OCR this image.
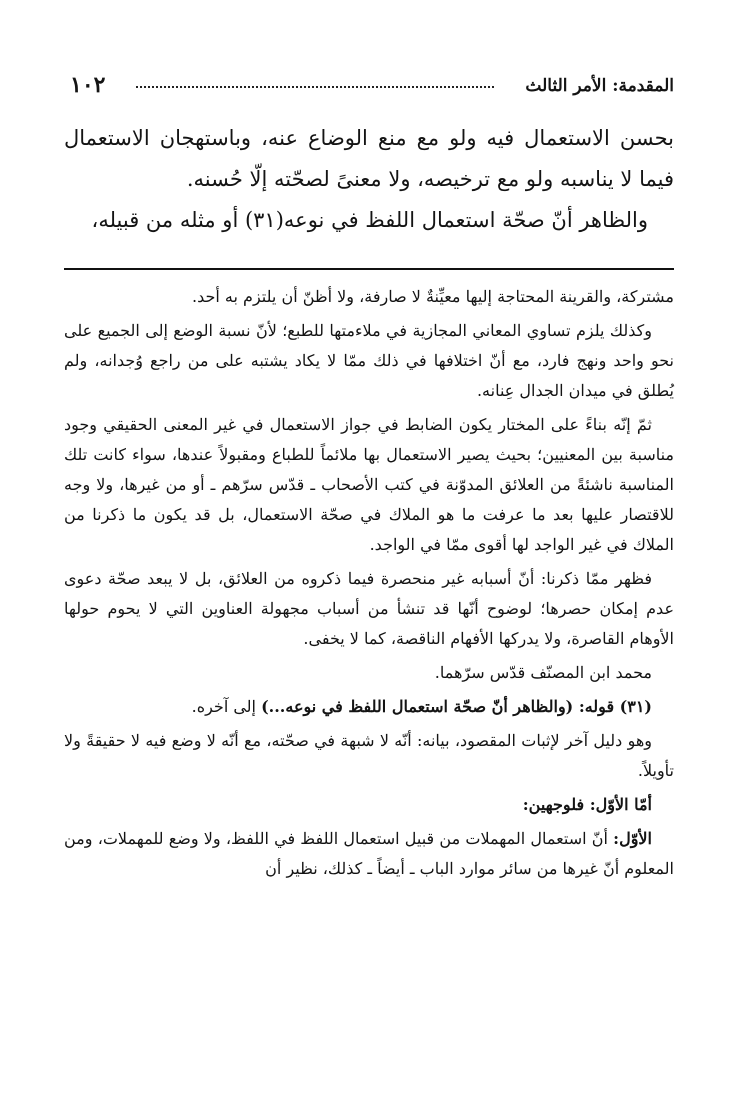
١٠٢	المقدمة: الأمر الثالث

بحسن الاستعمال فيه ولو مع منع الوضاع عنه، وباستهجان الاستعمال فيما لا يناسبه ولو مع ترخيصه، ولا معنىً لصحّته إلّا حُسنه.

والظاهر أنّ صحّة استعمال اللفظ في نوعه(٣١) أو مثله من قبيله،

مشتركة، والقرينة المحتاجة إليها معيِّنةٌ لا صارفة، ولا أظنّ أن يلتزم به أحد.

وكذلك يلزم تساوي المعاني المجازية في ملاءمتها للطبع؛ لأنّ نسبة الوضع إلى الجميع على نحو واحد ونهج فارد، مع أنّ اختلافها في ذلك ممّا لا يكاد يشتبه على من راجع وُجدانه، ولم يُطلق في ميدان الجدال عِنانه.

ثمّ إنّه بناءً على المختار يكون الضابط في جواز الاستعمال في غير المعنى الحقيقي وجود مناسبة بين المعنيين؛ بحيث يصير الاستعمال بها ملائماً للطباع ومقبولاً عندها، سواء كانت تلك المناسبة ناشئةً من العلائق المدوّنة في كتب الأصحاب ـ قدّس سرّهم ـ أو من غيرها، ولا وجه للاقتصار عليها بعد ما عرفت ما هو الملاك في صحّة الاستعمال، بل قد يكون ما ذكرنا من الملاك في غير الواجد لها أقوى ممّا في الواجد.

فظهر ممّا ذكرنا: أنّ أسبابه غير منحصرة فيما ذكروه من العلائق، بل لا يبعد صحّة دعوى عدم إمكان حصرها؛ لوضوح أنّها قد تنشأ من أسباب مجهولة العناوين التي لا يحوم حولها الأوهام القاصرة، ولا يدركها الأفهام الناقصة، كما لا يخفى.

محمد ابن المصنّف قدّس سرّهما.

(٣١) قوله: (والظاهر أنّ صحّة استعمال اللفظ في نوعه...) إلى آخره.

وهو دليل آخر لإثبات المقصود، بيانه: أنّه لا شبهة في صحّته، مع أنّه لا وضع فيه لا حقيقةً ولا تأويلاً.

أمّا الأوّل: فلوجهين:

الأوّل: أنّ استعمال المهملات من قبيل استعمال اللفظ في اللفظ، ولا وضع للمهملات، ومن المعلوم أنّ غيرها من سائر موارد الباب ـ أيضاً ـ كذلك، نظير أن
